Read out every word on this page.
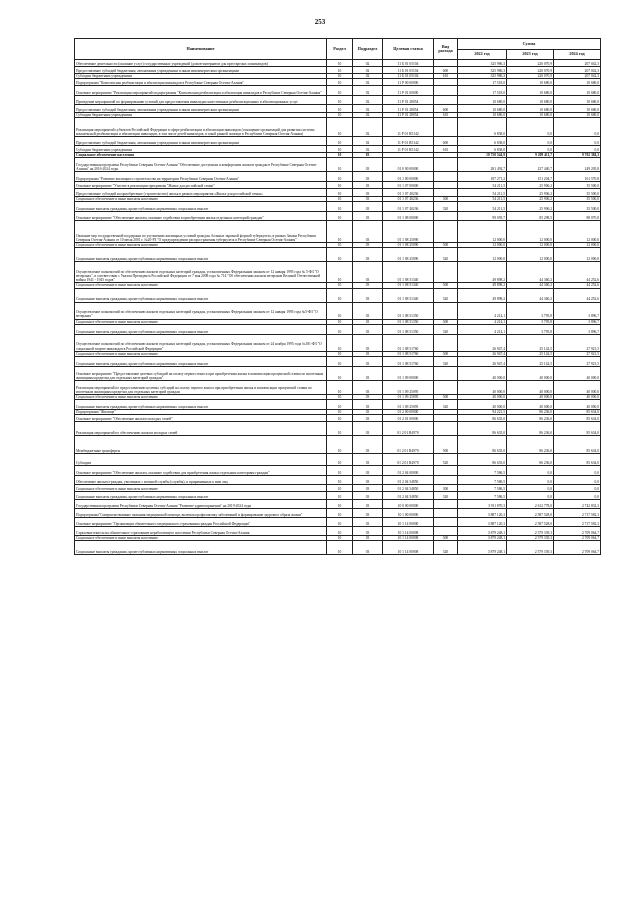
253
Наименование	Раздел	Подраздел	Целевая статья	Вид расхода	Сумма		
					2022 год	2023 год	2024 год
Обеспечение деятельности (оказание услуг) государственных учреждений (домов-интернатов для престарелых и инвалидов)	10	02	11 Б 01 05104		325 986,3	220 070,9	207 042,3
Предоставление субсидий бюджетным, автономным учреждениям и иным некоммерческим организациям	10	02	11 Б 01 05104	600	325 986,3	220 070,9	207 042,3
Субсидии бюджетным учреждениям	10	02	11 Б 01 05104	610	325 986,3	220 070,9	207 042,3
Подпрограмма "Комплексная реабилитация и абилитация инвалидов в Республике Северная Осетия-Алания"	10	02	11 Р 00 00000		17 518,0	10 680,0	10 680,0
Основное мероприятие "Реализация мероприятий подпрограммы "Комплексная реабилитация и абилитация инвалидов в Республике Северная Осетия-Алания"	10	02	11 Р 01 00000		17 518,0	10 680,0	10 680,0
Проведение мероприятий по формированию условий для предоставления инвалидам качественных реабилитационных и абилитационных услуг	10	02	11 Р 01 28054		10 680,0	10 680,0	10 680,0
Предоставление субсидий бюджетным, автономным учреждениям и иным некоммерческим организациям	10	02	11 Р 01 28054	600	10 680,0	10 680,0	10 680,0
Субсидии бюджетным учреждениям	10	02	11 Р 01 28054	610	10 680,0	10 680,0	10 680,0
Реализация мероприятий субъектов Российской Федерации в сфере реабилитации и абилитации инвалидов (оснащение организаций для развития системы комплексной реабилитации и абилитации инвалидов, в том числе детей-инвалидов, в такой ранней помощи в Республике Северная Осетия-Алания)	10	02	11 Р 01 R5142		6 838,0	0,0	0,0
Предоставление субсидий бюджетным, автономным учреждениям и иным некоммерческим организациям	10	02	11 Р 01 R5142	600	6 838,0	0,0	0,0
Субсидии бюджетным учреждениям	10	02	11 Р 01 R5142	610	6 838,0	0,0	0,0
Социальное обеспечение населения	10	03			10 750 544,9	9 209 411,7	9 702 384,3
Государственная программа Республики Северная Осетия-Алания "Обеспечение доступным и комфортным жильем граждан в Республике Северная Осетия-Алания" на 2016-2024 годы	10	03	01 0 00 00000		281 492,7	237 440,7	249 205,8
Подпрограмма "Развитие жилищного строительства на территории Республики Северная Осетия-Алания"	10	03	01 1 00 00000		187 271,2	151 204,7	161 570,8
Основное мероприятие "Участие в реализации программы "Жилье для российской семьи"	10	03	01 1 07 00000		54 211,5	25 906,2	35 500,0
Предоставление субсидий на приобретение (строительство) жилья в рамках мероприятия «Жилье для российской семьи»	10	03	01 1 07 40236		54 211,5	25 906,2	35 500,0
Социальное обеспечение и иные выплаты населению	10	03	01 1 07 40236	300	54 211,5	25 906,2	35 500,0
Социальные выплаты гражданам, кроме публичных нормативных социальных выплат	10	03	01 1 07 40236	320	54 211,5	25 906,2	35 500,0
Основное мероприятие "Обеспечение жильем, оказание содействия в приобретении жилья отдельных категорий граждан"	10	03	01 1 08 00000		99 059,7	85 298,5	88 070,8
Оказание мер государственной поддержки по улучшению жилищных условий граждан, больных заразной формой туберкулеза, в рамках Закона Республики Северная Осетия-Алания от 10 июля 2001 г. №20-РЗ "О предупреждении распространения туберкулеза в Республике Северная Осетия-Алания"	10	03	01 1 08 25090		12 000,0	12 000,0	12 000,0
Социальное обеспечение и иные выплаты населению	10	03	01 1 08 25090	300	12 000,0	12 000,0	12 000,0
Социальные выплаты гражданам, кроме публичных нормативных социальных выплат	10	03	01 1 08 25090	320	12 000,0	12 000,0	12 000,0
Осуществление полномочий по обеспечению жильем отдельных категорий граждан, установленных Федеральным законом от 12 января 1995 года № 5-ФЗ "О ветеранах", в соответствии с Указом Президента Российской Федерации от 7 мая 2008 года № 714 "Об обеспечении жильем ветеранов Великой Отечественной войны 1941 - 1945 годов"	10	03	01 1 08 51340		49 898,2	44 360,2	44 252,6
Социальное обеспечение и иные выплаты населению	10	03	01 1 08 51340	300	49 898,2	44 360,2	44 252,6
Социальные выплаты гражданам, кроме публичных нормативных социальных выплат	10	03	01 1 08 51340	320	49 898,2	44 360,2	44 252,6
Осуществление полномочий по обеспечению жильем отдельных категорий граждан, установленных Федеральным законом от 12 января 1995 года №5-ФЗ "О ветеранах"	10	03	01 1 08 51350		4 214,1	3 795,8	3 896,7
Социальное обеспечение и иные выплаты населению	10	03	01 1 08 51350	300	4 214,1	3 795,8	3 896,7
Социальные выплаты гражданам, кроме публичных нормативных социальных выплат	10	03	01 1 08 51350	320	4 214,1	3 795,8	3 896,7
Осуществление полномочий по обеспечению жильем отдельных категорий граждан, установленных Федеральным законом от 24 ноября 1995 года №181-ФЗ "О социальной защите инвалидов в Российской Федерации"	10	03	01 1 08 51760		26 947,4	25 142,5	27 921,5
Социальное обеспечение и иные выплаты населению	10	03	01 1 08 51760	300	26 947,4	25 142,5	27 921,5
Социальные выплаты гражданам, кроме публичных нормативных социальных выплат	10	03	01 1 08 51760	320	26 947,4	25 142,5	27 921,5
Основное мероприятие "Предоставление целевых субсидий на оплату первого взноса при приобретении жилья в компенсации процентной ставки по ипотечным жилищным кредитам для отдельных категорий граждан"	10	03	01 1 09 00000		40 000,0	40 000,0	40 000,0
Реализация мероприятий по предоставлению целевых субсидий на оплату первого взноса при приобретении жилья и компенсации процентной ставки по ипотечным жилищным кредитам для отдельных категорий граждан	10	03	01 1 09 25095		40 000,0	40 000,0	40 000,0
Социальное обеспечение и иные выплаты населению	10	03	01 1 09 25095	300	40 000,0	40 000,0	40 000,0
Социальные выплаты гражданам, кроме публичных нормативных социальных выплат	10	03	01 1 09 25095	320	40 000,0	40 000,0	40 000,0
Подпрограмма "Жилище"	10	03	01 2 00 00000		94 221,5	86 236,0	85 634,0
Основное мероприятие "Обеспечение жильем молодых семей"	10	03	01 2 01 00000		86 635,0	86 236,0	85 634,0
Реализация мероприятий по обеспечению жильем молодых семей	10	03	01 2 01 R4970		86 635,0	86 236,0	85 634,0
Межбюджетные трансферты	10	03	01 2 01 R4970	500	86 635,0	86 236,0	85 634,0
Субсидии	10	03	01 2 01 R4970	520	86 635,0	86 236,0	85 634,0
Основное мероприятие "Обеспечение жильем, оказание содействия для приобретения жилья отдельным категориям граждан"	10	03	01 2 04 00000		7 586,5	0,0	0,0
Обеспечение жильем граждан, уволенных с военной службы (службы), и приравненных к ним лиц	10	03	01 2 04 54850		7 586,5	0,0	0,0
Социальное обеспечение и иные выплаты населению	10	03	01 2 04 54850	300	7 586,5	0,0	0,0
Социальные выплаты гражданам, кроме публичных нормативных социальных выплат	10	03	01 2 04 54850	320	7 586,5	0,0	0,0
Государственная программа Республики Северная Осетия-Алания "Развитие здравоохранения" на 2019-2024 годы	10	03	10 0 00 00000		3 911 870,3	2 612 778,0	2 742 832,3
Подпрограмма"Совершенствование оказания медицинской помощи, включая профилактику заболеваний и формирование здорового образа жизни"	10	03	10 1 00 00000		3 887 120,3	2 587 528,0	2 717 582,3
Основное мероприятие "Организация обязательного медицинского страхования граждан Российской Федерации"	10	03	10 1 14 00000		3 887 120,3	2 587 528,0	2 717 582,3
Страховые взносы на обязательное страхование неработающего населения Республики Северная Осетия-Алания	10	03	10 1 14 00008		3 879 248,1	2 579 339,3	2 709 064,7
Социальное обеспечение и иные выплаты населению	10	03	10 1 14 00008	300	3 879 248,1	2 579 339,3	2 709 064,7
Социальные выплаты гражданам, кроме публичных нормативных социальных выплат	10	03	10 1 14 00008	320	3 879 248,1	2 579 339,3	2 709 064,7
